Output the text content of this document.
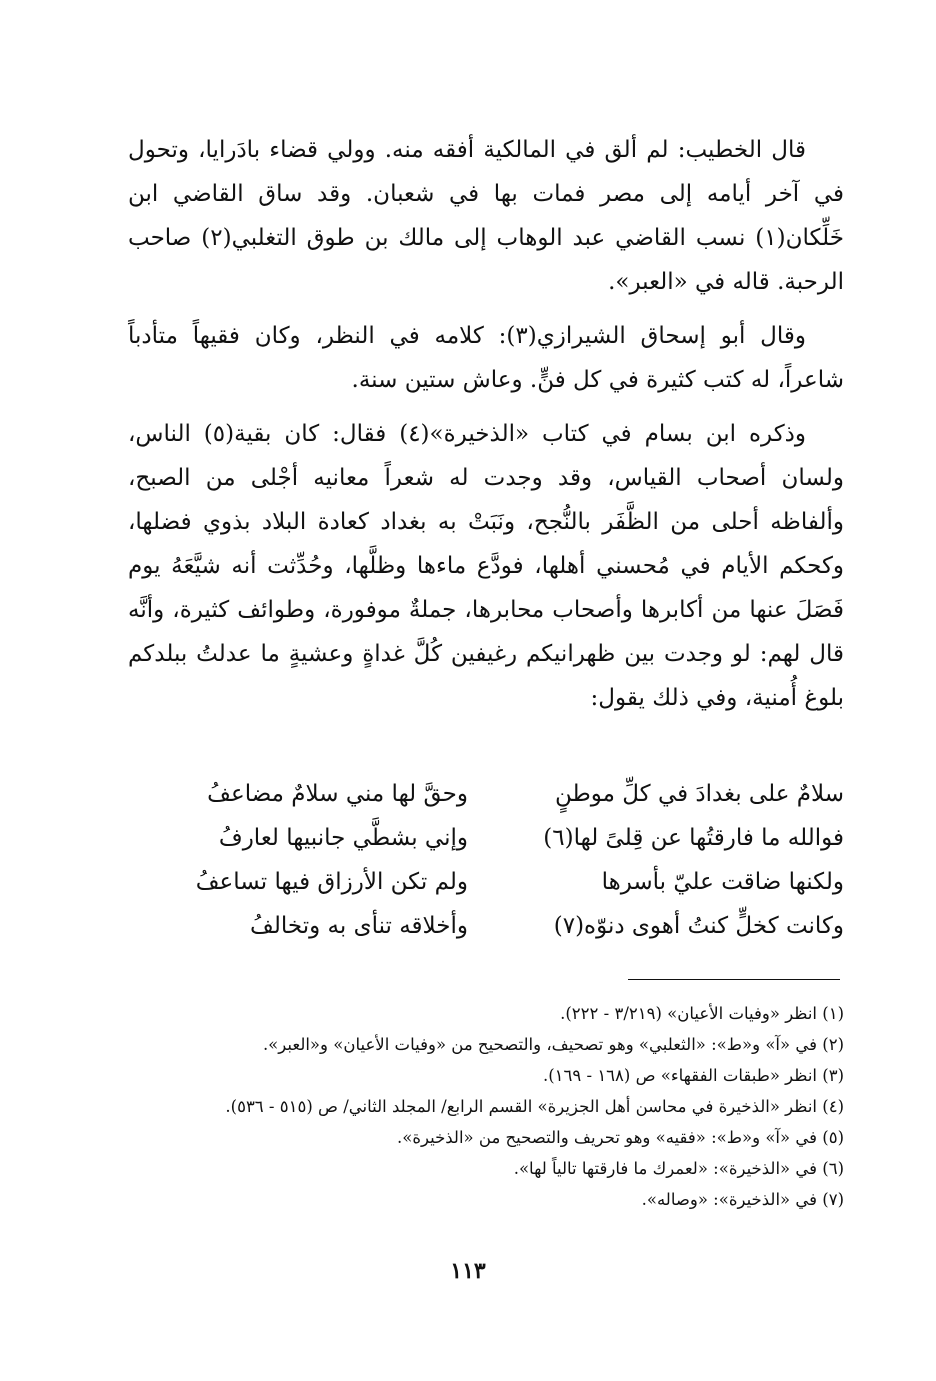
قال الخطيب: لم ألق في المالكية أفقه منه. وولي قضاء بادَرايا، وتحول في آخر أيامه إلى مصر فمات بها في شعبان. وقد ساق القاضي ابن خَلِّكان(١) نسب القاضي عبد الوهاب إلى مالك بن طوق التغلبي(٢) صاحب الرحبة. قاله في «العبر».

وقال أبو إسحاق الشيرازي(٣): كلامه في النظر، وكان فقيهاً متأدباً شاعراً، له كتب كثيرة في كل فنٍّ. وعاش ستين سنة.

وذكره ابن بسام في كتاب «الذخيرة»(٤) فقال: كان بقية(٥) الناس، ولسان أصحاب القياس، وقد وجدت له شعراً معانيه أجْلى من الصبح، وألفاظه أحلى من الظَّفَر بالنُّجح، ونَبَتْ به بغداد كعادة البلاد بذوي فضلها، وكحكم الأيام في مُحسني أهلها، فودَّع ماءها وظلَّها، وحُدِّثت أنه شيَّعَهُ يوم فَصَلَ عنها من أكابرها وأصحاب محابرها، جملةٌ موفورة، وطوائف كثيرة، وأنَّه قال لهم: لو وجدت بين ظهرانيكم رغيفين كُلَّ غداةٍ وعشيةٍ ما عدلتُ ببلدكم بلوغ أُمنية، وفي ذلك يقول:

سلامٌ على بغدادَ في كلِّ موطنٍ
وحقَّ لها مني سلامٌ مضاعفُ
فوالله ما فارقتُها عن قِلىً لها(٦)
وإني بشطَّي جانبيها لعارفُ
ولكنها ضاقت عليّ بأسرها
ولم تكن الأرزاق فيها تساعفُ
وكانت كخلٍّ كنتُ أهوى دنوّه(٧)
وأخلاقه تنأى به وتخالفُ

(١) انظر «وفيات الأعيان» (٣/٢١٩ - ٢٢٢).

(٢) في «آ» و«ط»: «الثعلبي» وهو تصحيف، والتصحيح من «وفيات الأعيان» و«العبر».

(٣) انظر «طبقات الفقهاء» ص (١٦٨ - ١٦٩).

(٤) انظر «الذخيرة في محاسن أهل الجزيرة» القسم الرابع/ المجلد الثاني/ ص (٥١٥ - ٥٣٦).

(٥) في «آ» و«ط»: «فقيه» وهو تحريف والتصحيح من «الذخيرة».

(٦) في «الذخيرة»: «لعمرك ما فارقتها تالياً لها».

(٧) في «الذخيرة»: «وصاله».

١١٣
